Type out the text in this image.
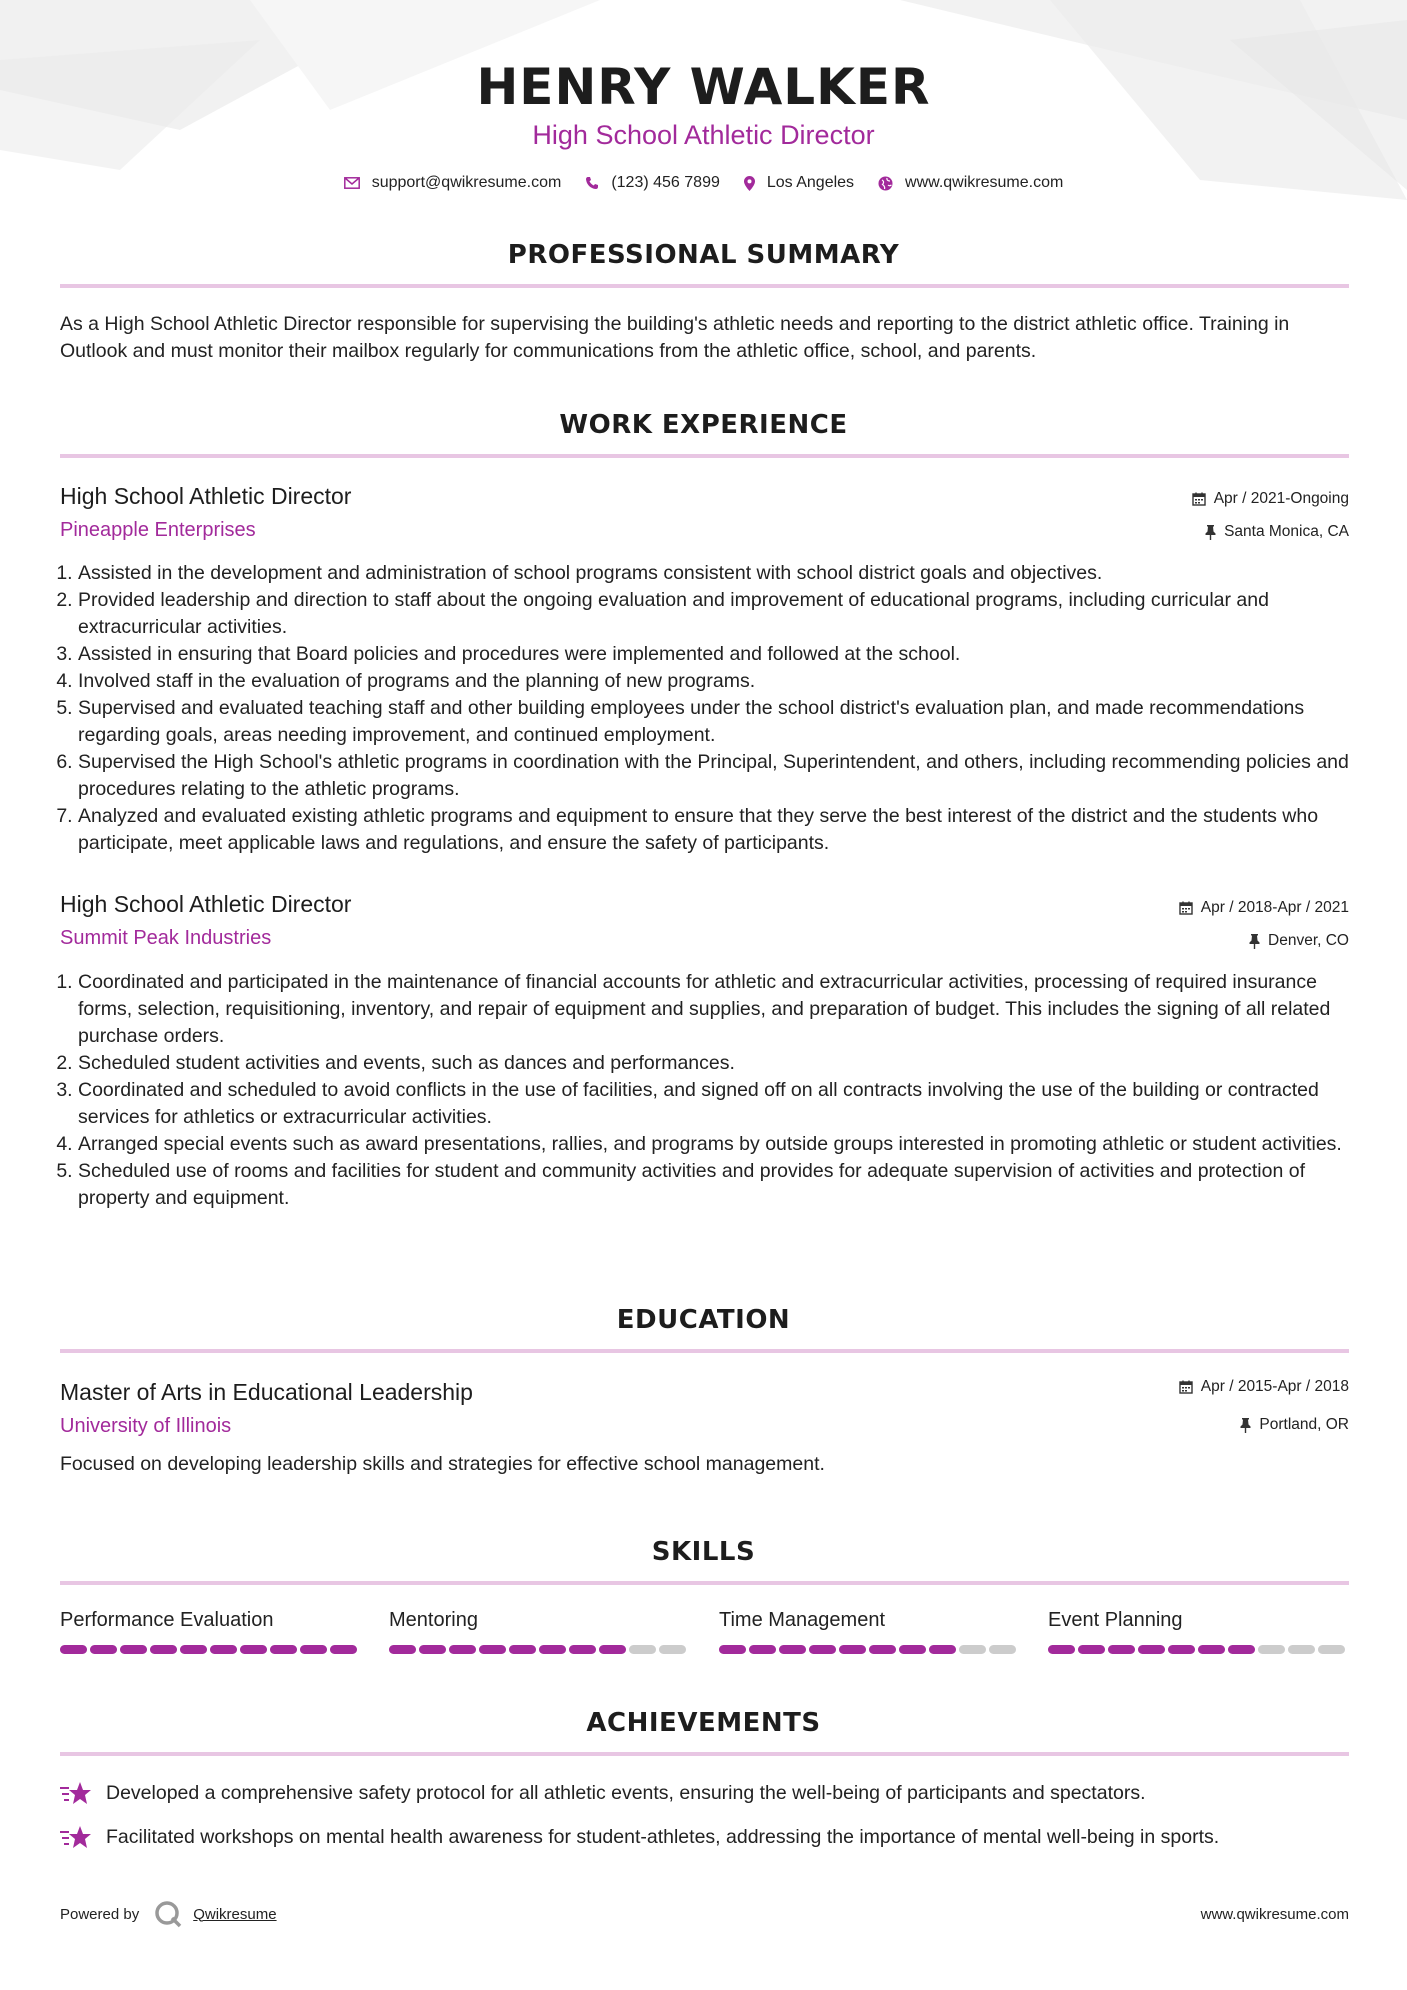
HENRY WALKER
High School Athletic Director
support@qwikresume.com	(123) 456 7899	Los Angeles	www.qwikresume.com
PROFESSIONAL SUMMARY
As a High School Athletic Director responsible for supervising the building's athletic needs and reporting to the district athletic office. Training in Outlook and must monitor their mailbox regularly for communications from the athletic office, school, and parents.
WORK EXPERIENCE
High School Athletic Director
Pineapple Enterprises
Apr / 2021-Ongoing
Santa Monica, CA
1. Assisted in the development and administration of school programs consistent with school district goals and objectives.
2. Provided leadership and direction to staff about the ongoing evaluation and improvement of educational programs, including curricular and extracurricular activities.
3. Assisted in ensuring that Board policies and procedures were implemented and followed at the school.
4. Involved staff in the evaluation of programs and the planning of new programs.
5. Supervised and evaluated teaching staff and other building employees under the school district's evaluation plan, and made recommendations regarding goals, areas needing improvement, and continued employment.
6. Supervised the High School's athletic programs in coordination with the Principal, Superintendent, and others, including recommending policies and procedures relating to the athletic programs.
7. Analyzed and evaluated existing athletic programs and equipment to ensure that they serve the best interest of the district and the students who participate, meet applicable laws and regulations, and ensure the safety of participants.
High School Athletic Director
Summit Peak Industries
Apr / 2018-Apr / 2021
Denver, CO
1. Coordinated and participated in the maintenance of financial accounts for athletic and extracurricular activities, processing of required insurance forms, selection, requisitioning, inventory, and repair of equipment and supplies, and preparation of budget. This includes the signing of all related purchase orders.
2. Scheduled student activities and events, such as dances and performances.
3. Coordinated and scheduled to avoid conflicts in the use of facilities, and signed off on all contracts involving the use of the building or contracted services for athletics or extracurricular activities.
4. Arranged special events such as award presentations, rallies, and programs by outside groups interested in promoting athletic or student activities.
5. Scheduled use of rooms and facilities for student and community activities and provides for adequate supervision of activities and protection of property and equipment.
EDUCATION
Master of Arts in Educational Leadership
University of Illinois
Apr / 2015-Apr / 2018
Portland, OR
Focused on developing leadership skills and strategies for effective school management.
SKILLS
Performance Evaluation	Mentoring	Time Management	Event Planning
ACHIEVEMENTS
Developed a comprehensive safety protocol for all athletic events, ensuring the well-being of participants and spectators.
Facilitated workshops on mental health awareness for student-athletes, addressing the importance of mental well-being in sports.
Powered by	Qwikresume	www.qwikresume.com
